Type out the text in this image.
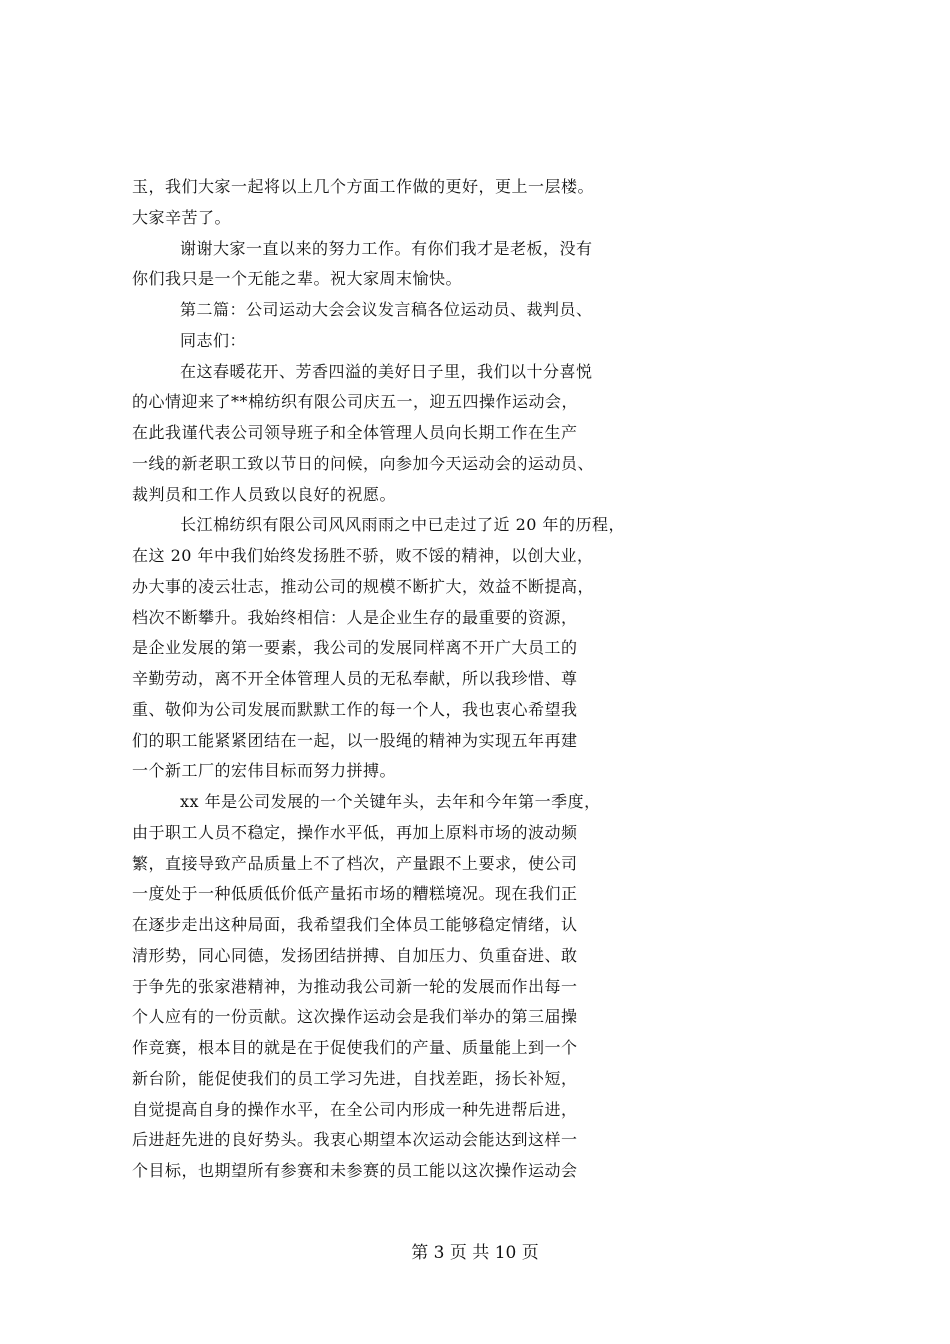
玉，我们大家一起将以上几个方面工作做的更好，更上一层楼。
大家辛苦了。
谢谢大家一直以来的努力工作。有你们我才是老板，没有
你们我只是一个无能之辈。祝大家周末愉快。
第二篇：公司运动大会会议发言稿各位运动员、裁判员、
同志们：
在这春暖花开、芳香四溢的美好日子里，我们以十分喜悦
的心情迎来了**棉纺织有限公司庆五一，迎五四操作运动会，
在此我谨代表公司领导班子和全体管理人员向长期工作在生产
一线的新老职工致以节日的问候，向参加今天运动会的运动员、
裁判员和工作人员致以良好的祝愿。
长江棉纺织有限公司风风雨雨之中已走过了近 20 年的历程，
在这 20 年中我们始终发扬胜不骄，败不馁的精神，以创大业，
办大事的凌云壮志，推动公司的规模不断扩大，效益不断提高，
档次不断攀升。我始终相信：人是企业生存的最重要的资源，
是企业发展的第一要素，我公司的发展同样离不开广大员工的
辛勤劳动，离不开全体管理人员的无私奉献，所以我珍惜、尊
重、敬仰为公司发展而默默工作的每一个人，我也衷心希望我
们的职工能紧紧团结在一起，以一股绳的精神为实现五年再建
一个新工厂的宏伟目标而努力拼搏。
xx 年是公司发展的一个关键年头，去年和今年第一季度，
由于职工人员不稳定，操作水平低，再加上原料市场的波动频
繁，直接导致产品质量上不了档次，产量跟不上要求，使公司
一度处于一种低质低价低产量拓市场的糟糕境况。现在我们正
在逐步走出这种局面，我希望我们全体员工能够稳定情绪，认
清形势，同心同德，发扬团结拼搏、自加压力、负重奋进、敢
于争先的张家港精神，为推动我公司新一轮的发展而作出每一
个人应有的一份贡献。这次操作运动会是我们举办的第三届操
作竞赛，根本目的就是在于促使我们的产量、质量能上到一个
新台阶，能促使我们的员工学习先进，自找差距，扬长补短，
自觉提高自身的操作水平，在全公司内形成一种先进帮后进，
后进赶先进的良好势头。我衷心期望本次运动会能达到这样一
个目标，也期望所有参赛和未参赛的员工能以这次操作运动会
第 3 页 共 10 页
